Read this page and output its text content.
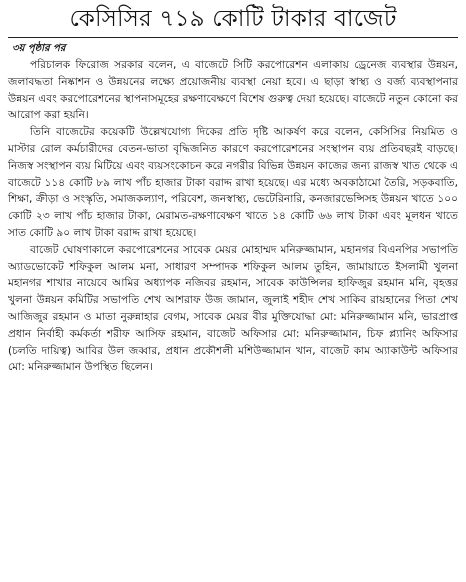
কেসিসির ৭১৯ কোটি টাকার বাজেট
৩য় পৃষ্ঠার পর

পরিচালক ফিরোজ সরকার বলেন, এ বাজেটে সিটি করপোরেশন এলাকায় ড্রেনেজ ব্যবস্থার উন্নয়ন, জলাবদ্ধতা নিষ্কাশন ও উন্নয়নের লক্ষ্যে প্রয়োজনীয় ব্যবস্থা নেয়া হবে। এ ছাড়া স্বাস্থ্য ও বর্জ্য ব্যবস্থাপনার উন্নয়ন এবং করপোরেশনের স্থাপনাসমূহের রক্ষণাবেক্ষণে বিশেষ গুরুত্ব দেয়া হয়েছে। বাজেটে নতুন কোনো কর আরোপ করা হয়নি।

তিনি বাজেটের কয়েকটি উল্লেখযোগ্য দিকের প্রতি দৃষ্টি আকর্ষণ করে বলেন, কেসিসির নিয়মিত ও মাস্টার রোল কর্মচারীদের বেতন-ভাতা বৃদ্ধিজনিত কারণে করপোরেশনের সংস্থাপন ব্যয় প্রতিবছরই বাড়ছে। নিজস্ব সংস্থাপন ব্যয় মিটিয়ে এবং ব্যয়সংকোচন করে নগরীর বিভিন্ন উন্নয়ন কাজের জন্য রাজস্ব খাত থেকে এ বাজেটে ১১৪ কোটি ৮৯ লাখ পাঁচ হাজার টাকা বরাদ্দ রাখা হয়েছে। এর মধ্যে অবকাঠামো তৈরি, সড়কবাতি, শিক্ষা, ক্রীড়া ও সংস্কৃতি, সমাজকল্যাণ, পরিবেশ, জনস্বাস্থ্য, ভেটেরিনারি, কনজারভেন্সিসহ উন্নয়ন খাতে ১০০ কোটি ২৩ লাখ পাঁচ হাজার টাকা, মেরামত-রক্ষণাবেক্ষণ খাতে ১৪ কোটি ৬৬ লাখ টাকা এবং মূলধন খাতে সাত কোটি ৯০ লাখ টাকা বরাদ্দ রাখা হয়েছে।

বাজেট ঘোষণাকালে করপোরেশনের সাবেক মেয়র মোহাম্মদ মনিরুজ্জামান, মহানগর বিএনপির সভাপতি অ্যাডভোকেট শফিকুল আলম মনা, সাধারণ সম্পাদক শফিকুল আলম তুহিন, জামায়াতে ইসলামী খুলনা মহানগর শাখার নায়েবে আমির অধ্যাপক নজিবর রহমান, সাবেক কাউন্সিলর হাফিজুর রহমান মনি, বৃহত্তর খুলনা উন্নয়ন কমিটির সভাপতি শেখ আশরাফ উজ জামান, জুলাই শহীদ শেখ সাকিব রায়হানের পিতা শেখ আজিজুর রহমান ও মাতা নুরুন্নাহার বেগম, সাবেক মেয়র বীর মুক্তিযোদ্ধা মো: মনিরুজ্জামান মনি, ভারপ্রাপ্ত প্রধান নির্বাহী কর্মকর্তা শরীফ আসিফ রহমান, বাজেট অফিসার মো: মনিরুজ্জামান, চিফ প্ল্যানিং অফিসার (চলতি দায়িত্ব) আবির উল জব্বার, প্রধান প্রকৌশলী মশিউজ্জামান খান, বাজেট কাম অ্যাকাউন্ট অফিসার মো: মনিরুজ্জামান উপস্থিত ছিলেন।
